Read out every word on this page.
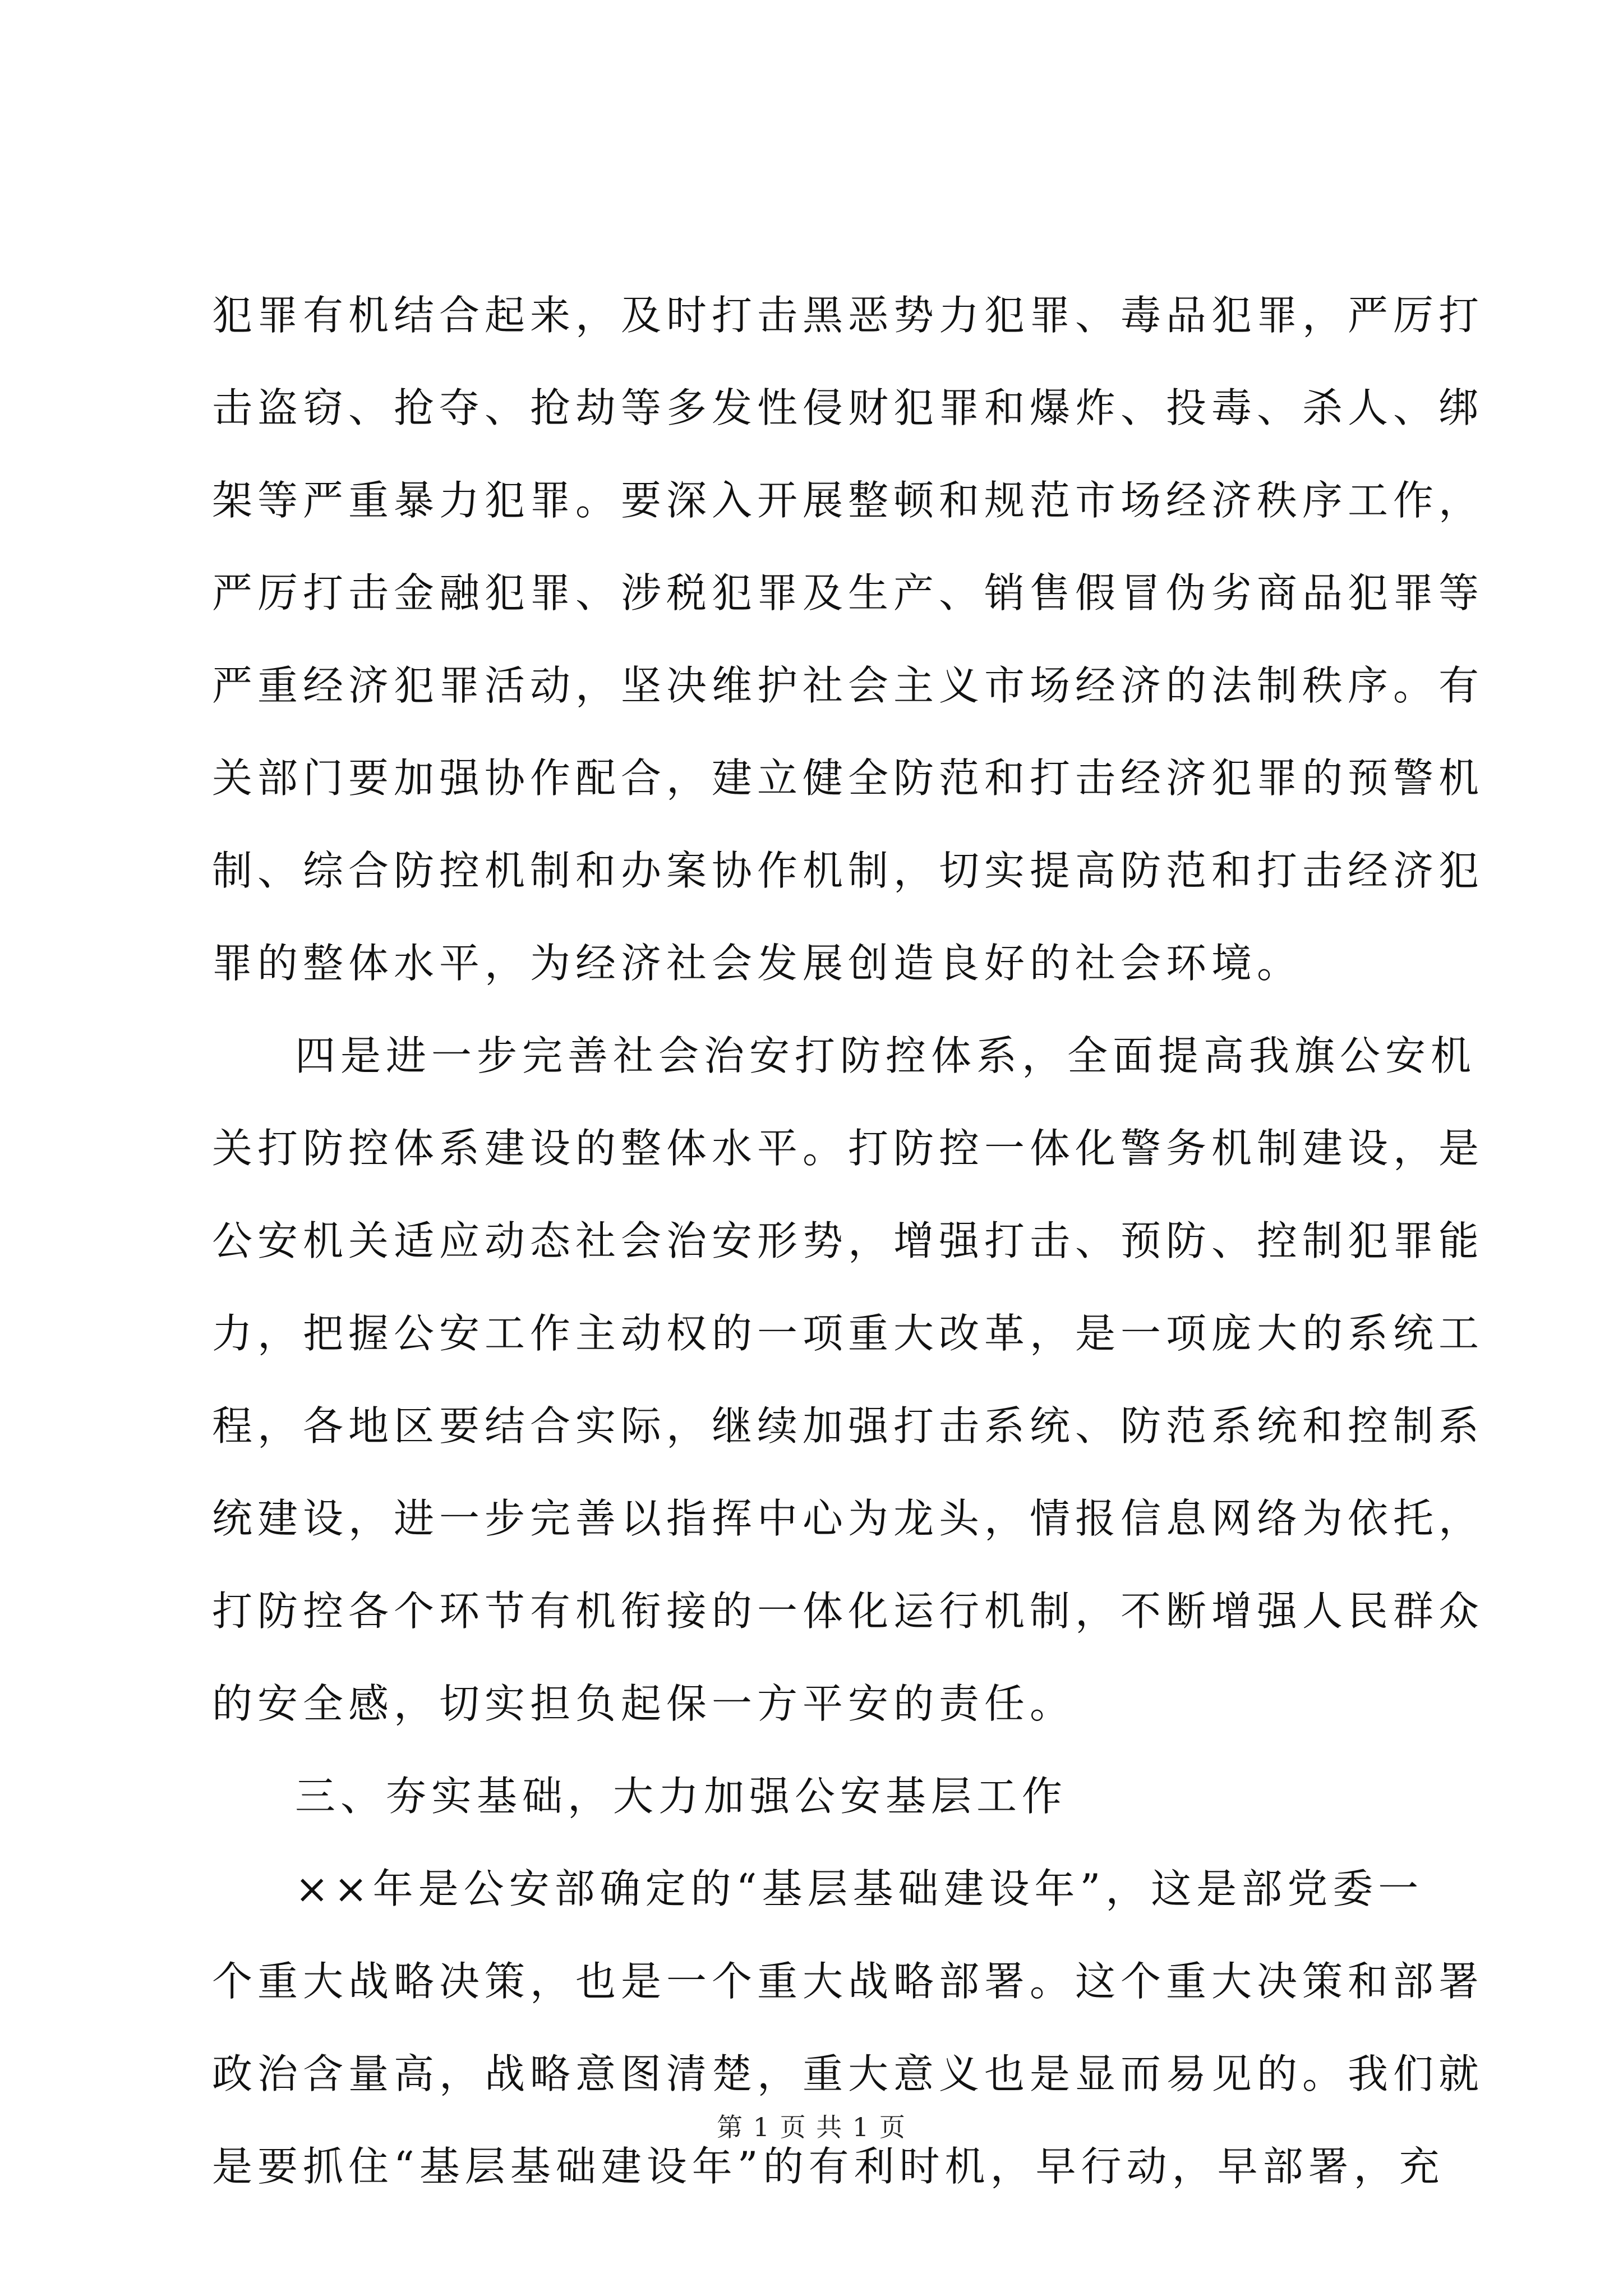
犯罪有机结合起来，及时打击黑恶势力犯罪、毒品犯罪，严厉打
击盗窃、抢夺、抢劫等多发性侵财犯罪和爆炸、投毒、杀人、绑
架等严重暴力犯罪。要深入开展整顿和规范市场经济秩序工作，
严厉打击金融犯罪、涉税犯罪及生产、销售假冒伪劣商品犯罪等
严重经济犯罪活动，坚决维护社会主义市场经济的法制秩序。有
关部门要加强协作配合，建立健全防范和打击经济犯罪的预警机
制、综合防控机制和办案协作机制，切实提高防范和打击经济犯
罪的整体水平，为经济社会发展创造良好的社会环境。
四是进一步完善社会治安打防控体系，全面提高我旗公安机
关打防控体系建设的整体水平。打防控一体化警务机制建设，是
公安机关适应动态社会治安形势，增强打击、预防、控制犯罪能
力，把握公安工作主动权的一项重大改革，是一项庞大的系统工
程，各地区要结合实际，继续加强打击系统、防范系统和控制系
统建设，进一步完善以指挥中心为龙头，情报信息网络为依托，
打防控各个环节有机衔接的一体化运行机制，不断增强人民群众
的安全感，切实担负起保一方平安的责任。
三、夯实基础，大力加强公安基层工作
××年是公安部确定的“基层基础建设年”，这是部党委一
个重大战略决策，也是一个重大战略部署。这个重大决策和部署
政治含量高，战略意图清楚，重大意义也是显而易见的。我们就
是要抓住“基层基础建设年”的有利时机，早行动，早部署，充
第 1 页 共 1 页
